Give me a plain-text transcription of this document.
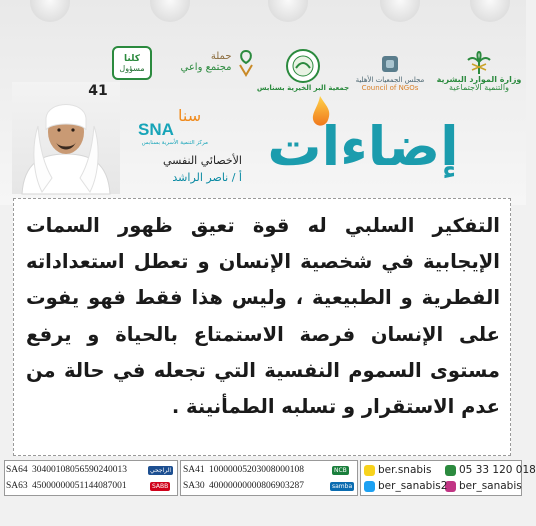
وزارة الموارد البشرية
والتنمية الاجتماعية
مجلس الجمعيات الأهلية
Council of NGOs
جمعية البر الخيرية بسنابس
حملة
مجتمع واعي
كلنا
مسؤول
41
سنا
SNA
مركز التنمية الأسرية بسنابس
الأخصائي النفسي
أ / ناصر الراشد إضاءات
التفكير السلبي له قوة تعيق ظهور السمات الإيجابية في شخصية الإنسان و تعطل استعداداته الفطرية و الطبيعية ، وليس هذا فقط فهو يفوت على الإنسان فرصة الاستمتاع بالحياة و يرفع مستوى السموم النفسية التي تجعله في حالة من عدم الاستقرار و تسلبه الطمأنينة .
SA64 30400108056590240013	الراجحي
SA63 45000000051144087001	SABB
SA41 10000005203008000108	NCB
SA30 40000000000806903287	samba
05 33 120 018
ber_sanabis
ber.snabis
ber_sanabis2
